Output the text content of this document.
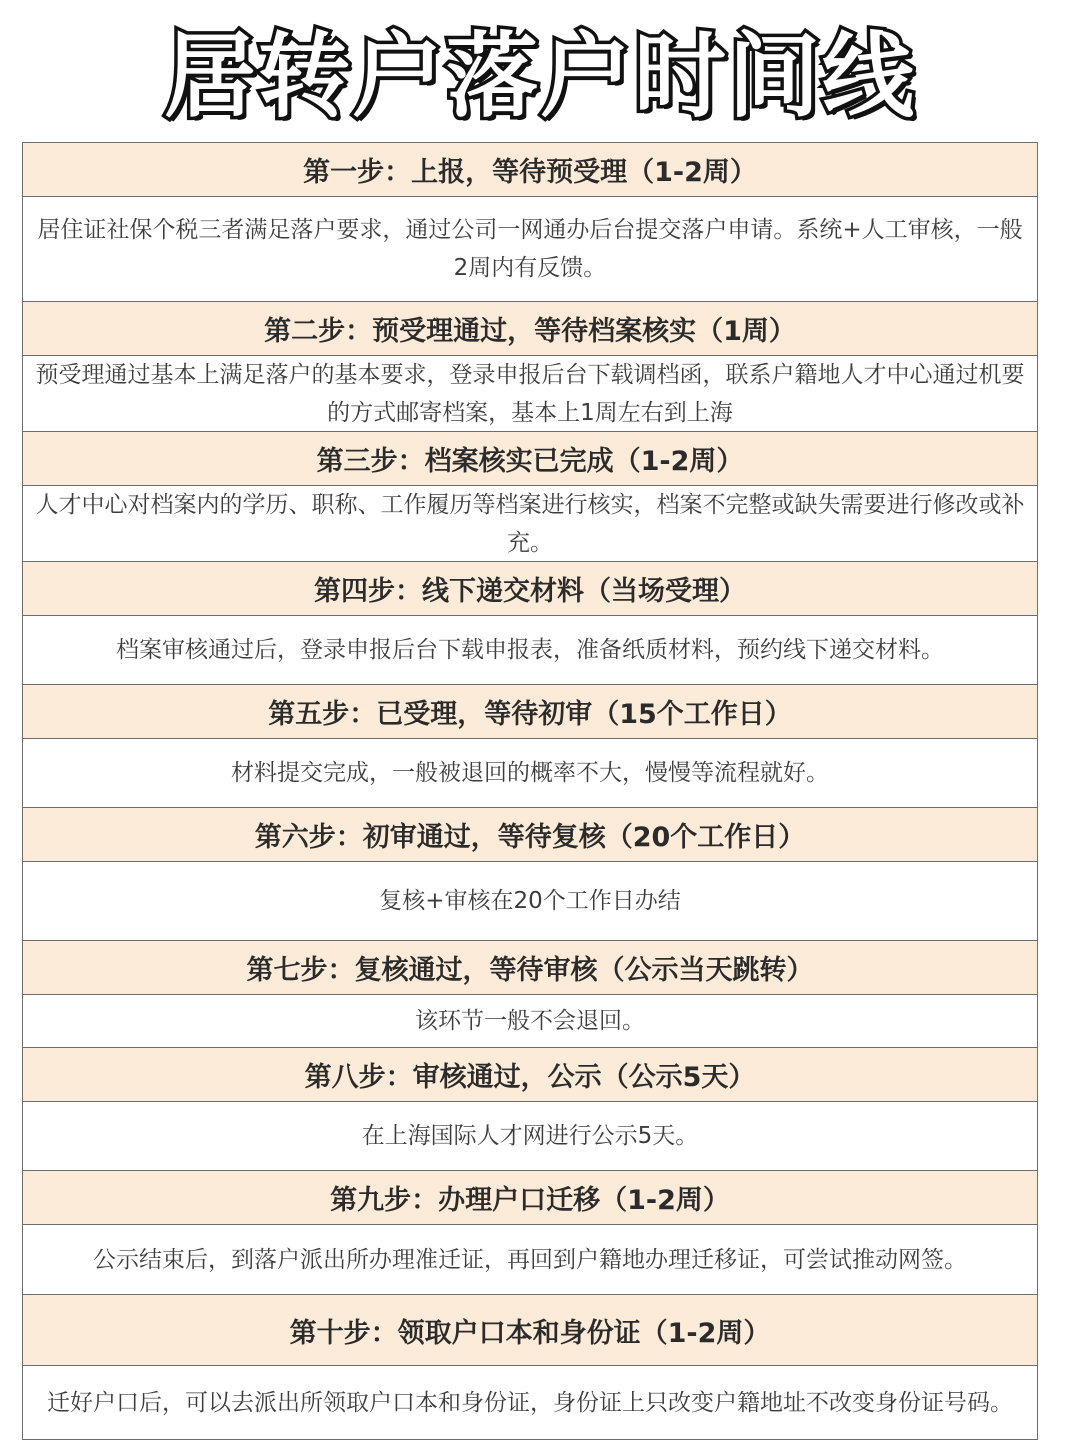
居转户落户时间线
第一步：上报，等待预受理（1-2周）
居住证社保个税三者满足落户要求，通过公司一网通办后台提交落户申请。系统+人工审核，一般2周内有反馈。
第二步：预受理通过，等待档案核实（1周）
预受理通过基本上满足落户的基本要求，登录申报后台下载调档函，联系户籍地人才中心通过机要的方式邮寄档案，基本上1周左右到上海
第三步：档案核实已完成（1-2周）
人才中心对档案内的学历、职称、工作履历等档案进行核实，档案不完整或缺失需要进行修改或补充。
第四步：线下递交材料（当场受理）
档案审核通过后，登录申报后台下载申报表，准备纸质材料，预约线下递交材料。
第五步：已受理，等待初审（15个工作日）
材料提交完成，一般被退回的概率不大，慢慢等流程就好。
第六步：初审通过，等待复核（20个工作日）
复核+审核在20个工作日办结
第七步：复核通过，等待审核（公示当天跳转）
该环节一般不会退回。
第八步：审核通过，公示（公示5天）
在上海国际人才网进行公示5天。
第九步：办理户口迁移（1-2周）
公示结束后，到落户派出所办理准迁证，再回到户籍地办理迁移证，可尝试推动网签。
第十步：领取户口本和身份证（1-2周）
迁好户口后，可以去派出所领取户口本和身份证，身份证上只改变户籍地址不改变身份证号码。
